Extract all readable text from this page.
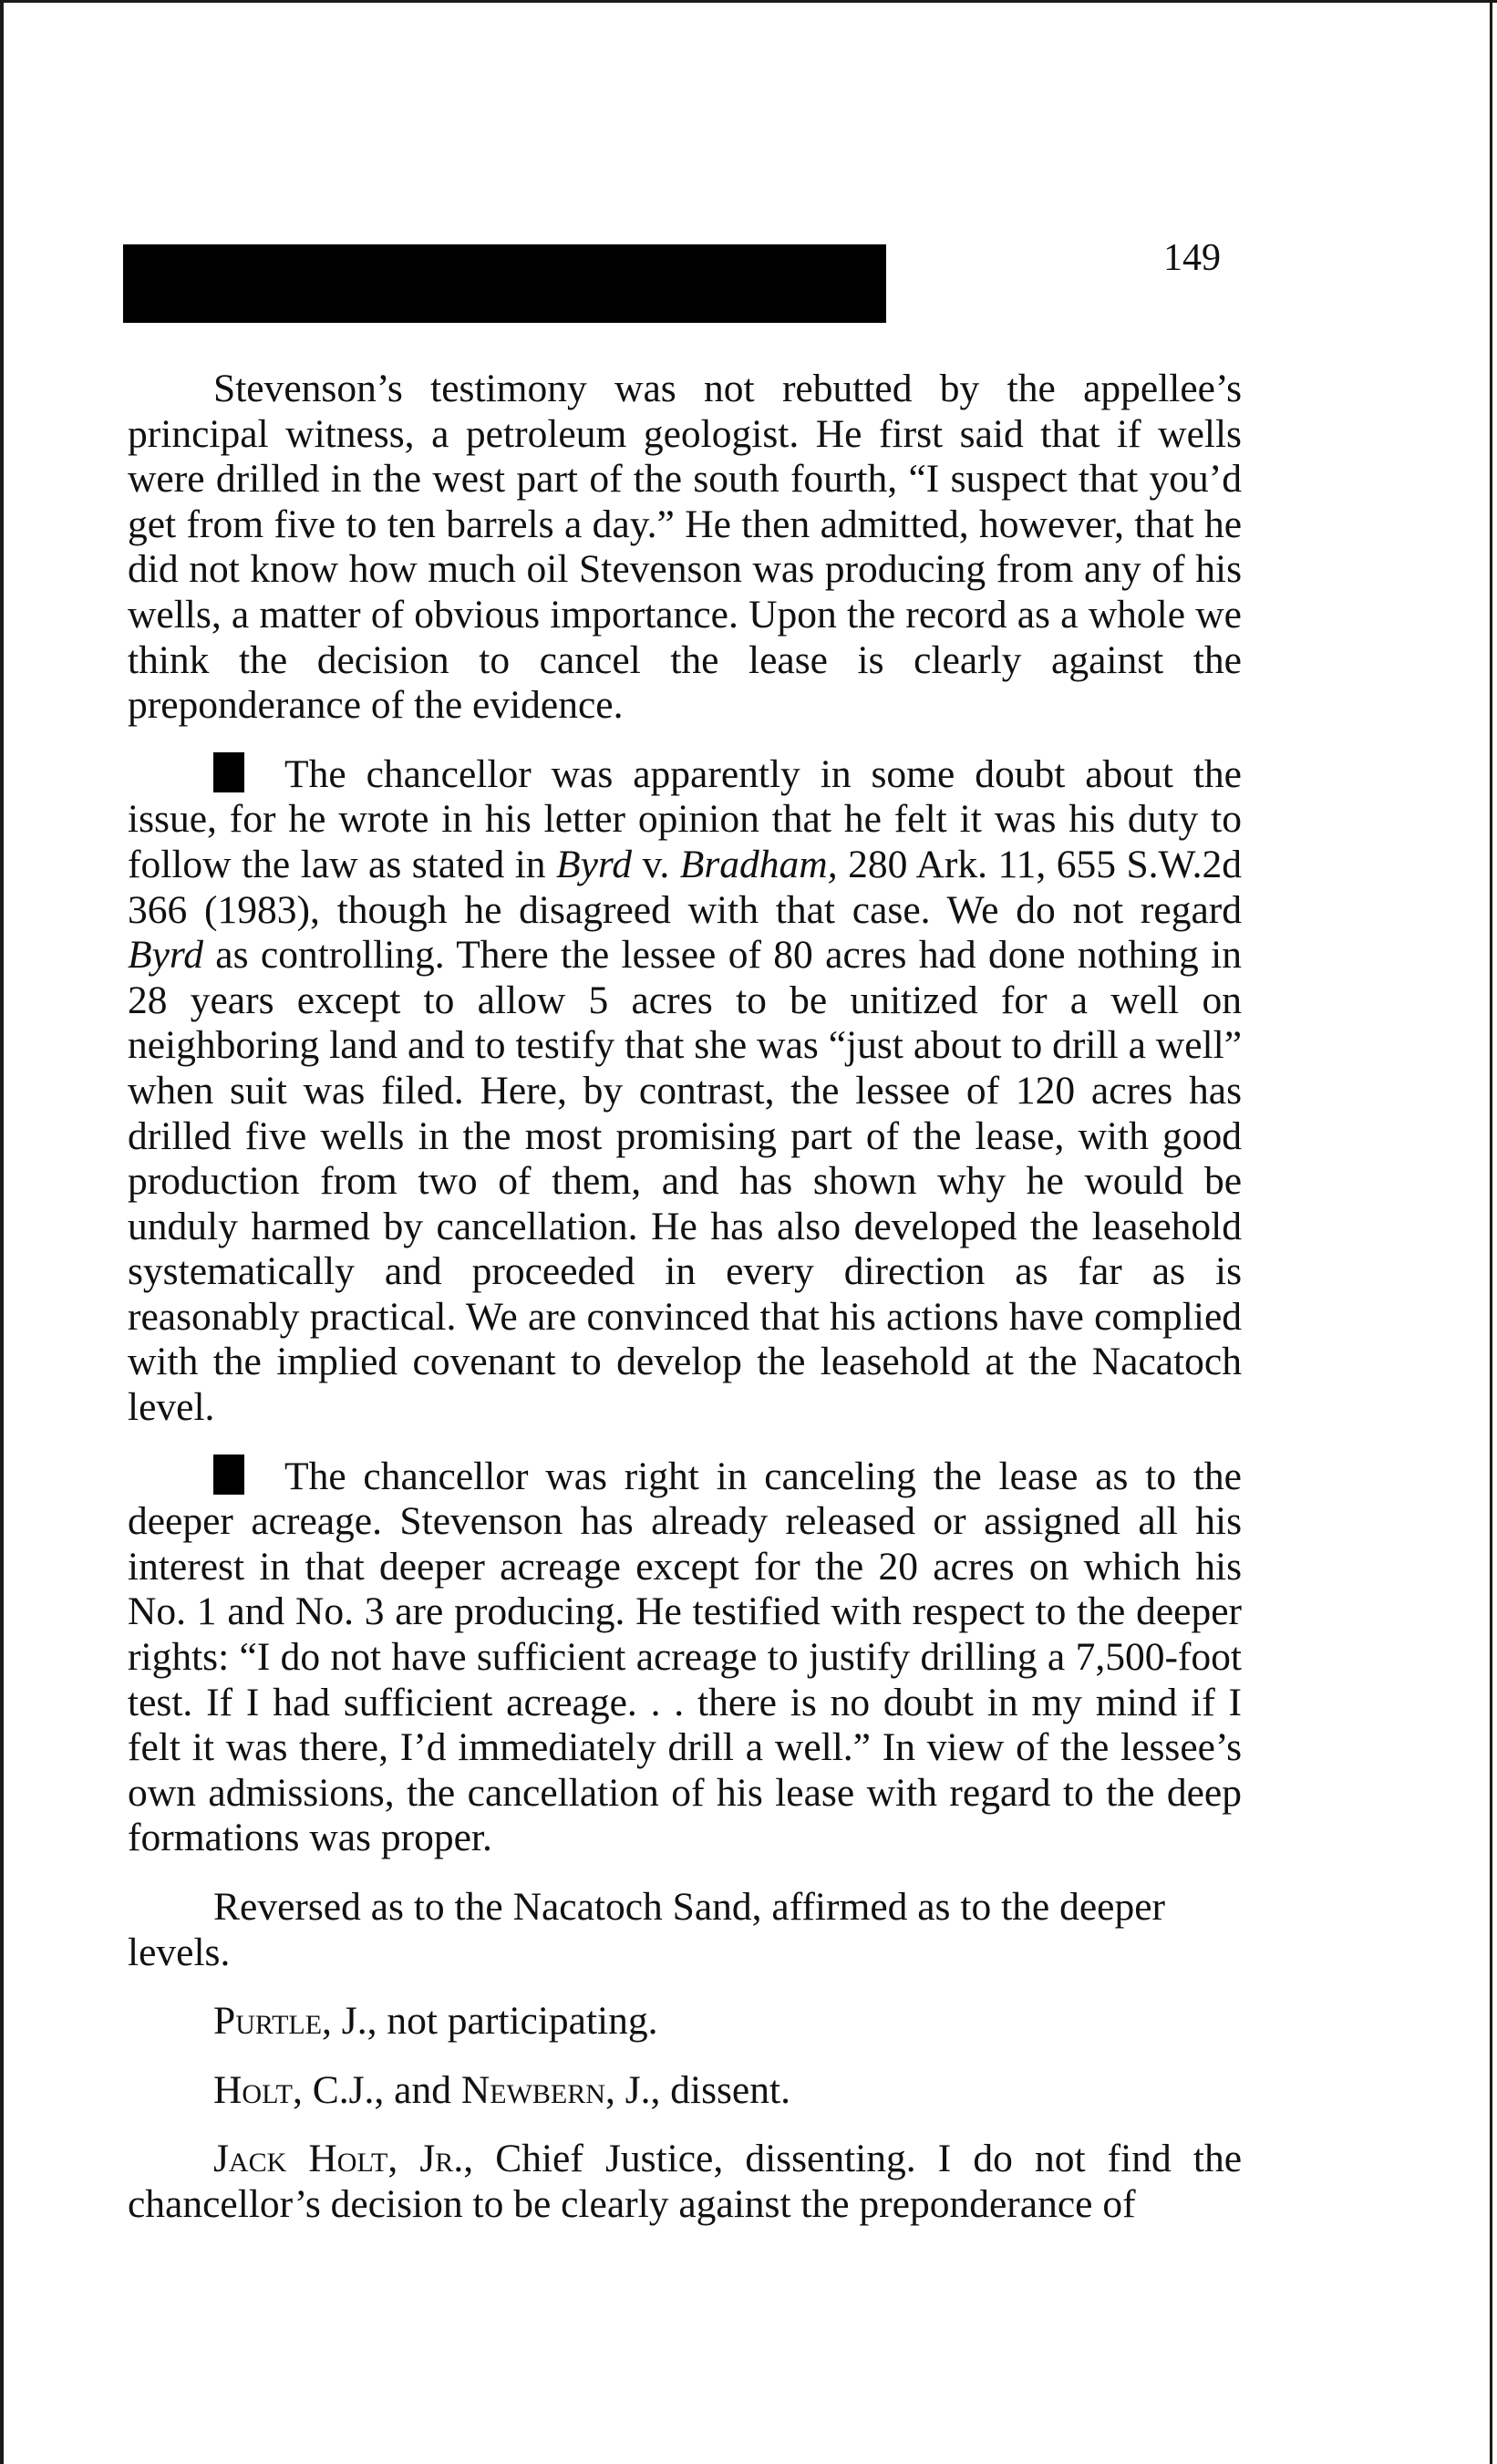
149

Stevenson’s testimony was not rebutted by the appellee’s principal witness, a petroleum geologist. He first said that if wells were drilled in the west part of the south fourth, “I suspect that you’d get from five to ten barrels a day.” He then admitted, however, that he did not know how much oil Stevenson was producing from any of his wells, a matter of obvious importance. Upon the record as a whole we think the decision to cancel the lease is clearly against the preponderance of the evidence.

The chancellor was apparently in some doubt about the issue, for he wrote in his letter opinion that he felt it was his duty to follow the law as stated in Byrd v. Bradham, 280 Ark. 11, 655 S.W.2d 366 (1983), though he disagreed with that case. We do not regard Byrd as controlling. There the lessee of 80 acres had done nothing in 28 years except to allow 5 acres to be unitized for a well on neighboring land and to testify that she was “just about to drill a well” when suit was filed. Here, by contrast, the lessee of 120 acres has drilled five wells in the most promising part of the lease, with good production from two of them, and has shown why he would be unduly harmed by cancellation. He has also developed the leasehold systematically and proceeded in every direction as far as is reasonably practical. We are convinced that his actions have complied with the implied covenant to develop the leasehold at the Nacatoch level.

The chancellor was right in canceling the lease as to the deeper acreage. Stevenson has already released or assigned all his interest in that deeper acreage except for the 20 acres on which his No. 1 and No. 3 are producing. He testified with respect to the deeper rights: “I do not have sufficient acreage to justify drilling a 7,500-foot test. If I had sufficient acreage. . . there is no doubt in my mind if I felt it was there, I’d immediately drill a well.” In view of the lessee’s own admissions, the cancellation of his lease with regard to the deep formations was proper.

Reversed as to the Nacatoch Sand, affirmed as to the deeper levels.

Purtle, J., not participating.

Holt, C.J., and Newbern, J., dissent.

Jack Holt, Jr., Chief Justice, dissenting. I do not find the chancellor’s decision to be clearly against the preponderance of
